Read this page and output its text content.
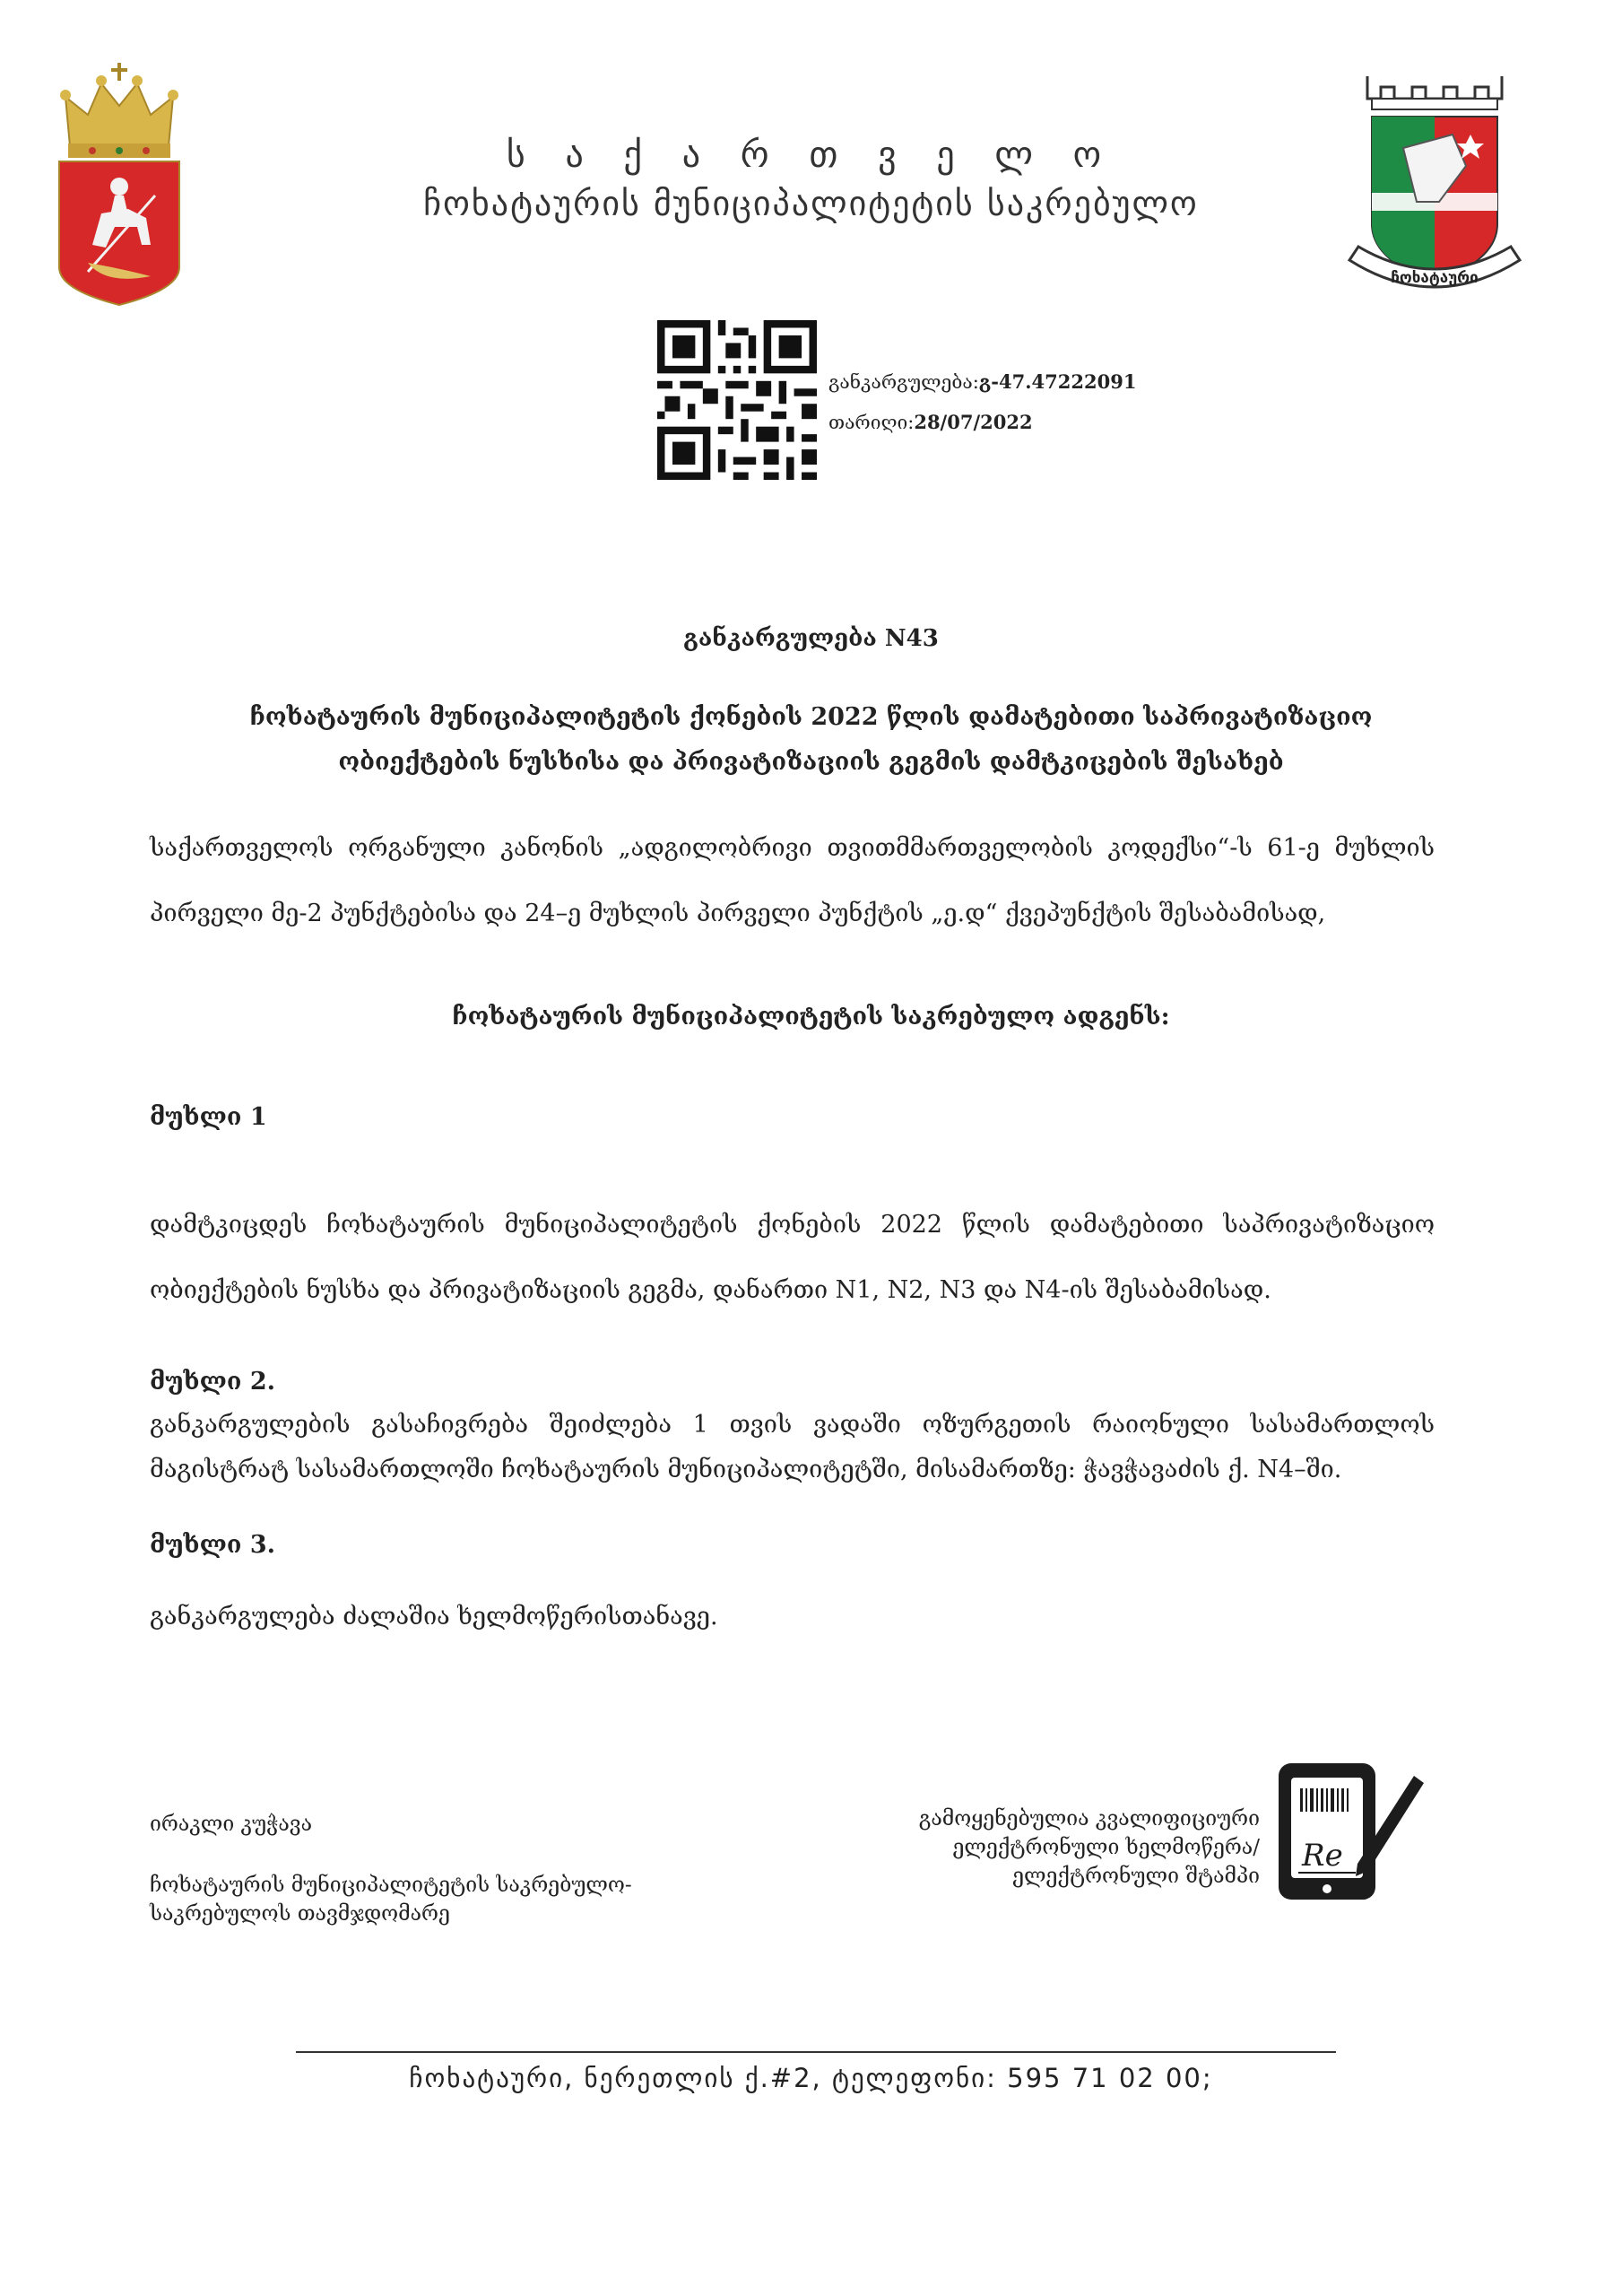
ს ა ქ ა რ თ ვ ე ლ ო
ჩოხატაურის მუნიციპალიტეტის საკრებულო
ჩოხატაური
განკარგულება:გ-47.47222091
თარიღი:28/07/2022
განკარგულება N43
ჩოხატაურის მუნიციპალიტეტის ქონების 2022 წლის დამატებითი საპრივატიზაციო
ობიექტების ნუსხისა და პრივატიზაციის გეგმის დამტკიცების შესახებ
საქართველოს ორგანული კანონის „ადგილობრივი თვითმმართველობის კოდექსი“-ს 61-ე მუხლის
პირველი მე-2 პუნქტებისა და 24–ე მუხლის პირველი პუნქტის „ე.დ“ ქვეპუნქტის შესაბამისად,
ჩოხატაურის მუნიციპალიტეტის საკრებულო ადგენს:
მუხლი 1
დამტკიცდეს ჩოხატაურის მუნიციპალიტეტის ქონების 2022 წლის დამატებითი საპრივატიზაციო
ობიექტების ნუსხა და პრივატიზაციის გეგმა, დანართი N1, N2, N3 და N4-ის შესაბამისად.
მუხლი 2.
განკარგულების გასაჩივრება შეიძლება 1 თვის ვადაში ოზურგეთის რაიონული სასამართლოს
მაგისტრატ სასამართლოში ჩოხატაურის მუნიციპალიტეტში, მისამართზე: ჭავჭავაძის ქ. N4–ში.
მუხლი 3.
განკარგულება ძალაშია ხელმოწერისთანავე.
ირაკლი კუჭავა
ჩოხატაურის მუნიციპალიტეტის საკრებულო-
საკრებულოს თავმჯდომარე
გამოყენებულია კვალიფიციური
ელექტრონული ხელმოწერა/
ელექტრონული შტამპი
Re
ჩოხატაური, ნერეთლის ქ.#2, ტელეფონი: 595 71 02 00;
